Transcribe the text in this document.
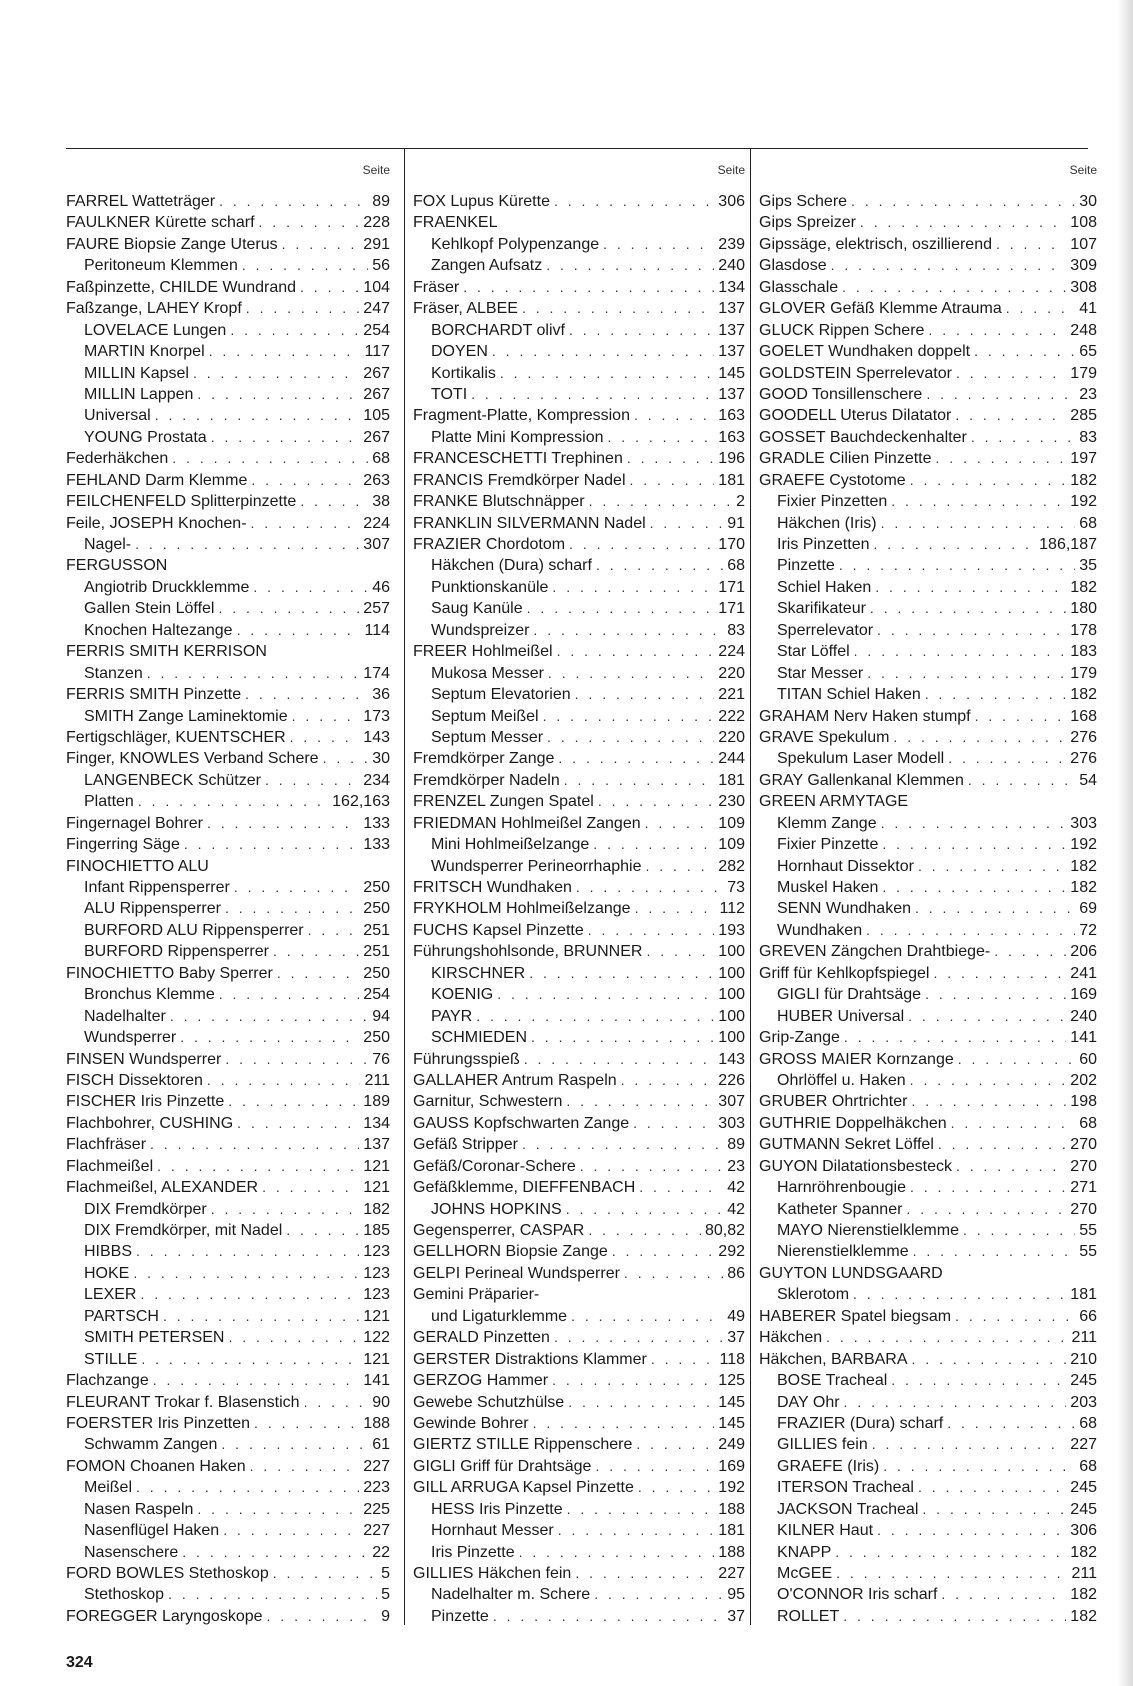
Seite
FARREL Watteträger . . .	89
FAULKNER Kürette scharf . . .	228
FAURE Biopsie Zange Uterus . . .	291
Peritoneum Klemmen . . .	56
Faßpinzette, CHILDE Wundrand . . .	104
Faßzange, LAHEY Kropf . . .	247
LOVELACE Lungen . . .	254
MARTIN Knorpel . . .	117
MILLIN Kapsel . . .	267
MILLIN Lappen . . .	267
Universal . . .	105
YOUNG Prostata . . .	267
Federhäkchen . . .	68
FEHLAND Darm Klemme . . .	263
FEILCHENFELD Splitterpinzette . . .	38
Feile, JOSEPH Knochen- . . .	224
Nagel- . . .	307
FERGUSSON
Angiotrib Druckklemme . . .	46
Gallen Stein Löffel . . .	257
Knochen Haltezange . . .	114
FERRIS SMITH KERRISON
Stanzen . . .	174
FERRIS SMITH Pinzette . . .	36
SMITH Zange Laminektomie . . .	173
Fertigschläger, KUENTSCHER . . .	143
Finger, KNOWLES Verband Schere . . .	30
LANGENBECK Schützer . . .	234
Platten . . .	162,163
Fingernagel Bohrer . . .	133
Fingerring Säge . . .	133
FINOCHIETTO ALU
Infant Rippensperrer . . .	250
ALU Rippensperrer . . .	250
BURFORD ALU Rippensperrer . . .	251
BURFORD Rippensperrer . . .	251
FINOCHIETTO Baby Sperrer . . .	250
Bronchus Klemme . . .	254
Nadelhalter . . .	94
Wundsperrer . . .	250
FINSEN Wundsperrer . . .	76
FISCH Dissektoren . . .	211
FISCHER Iris Pinzette . . .	189
Flachbohrer, CUSHING . . .	134
Flachfräser . . .	137
Flachmeißel . . .	121
Flachmeißel, ALEXANDER . . .	121
DIX Fremdkörper . . .	182
DIX Fremdkörper, mit Nadel . . .	185
HIBBS . . .	123
HOKE . . .	123
LEXER . . .	123
PARTSCH . . .	121
SMITH PETERSEN . . .	122
STILLE . . .	121
Flachzange . . .	141
FLEURANT Trokar f. Blasenstich . . .	90
FOERSTER Iris Pinzetten . . .	188
Schwamm Zangen . . .	61
FOMON Choanen Haken . . .	227
Meißel . . .	223
Nasen Raspeln . . .	225
Nasenflügel Haken . . .	227
Nasenschere . . .	22
FORD BOWLES Stethoskop . . .	5
Stethoskop . . .	5
FOREGGER Laryngoskope . . .	9
Seite
FOX Lupus Kürette . . .	306
FRAENKEL
Kehlkopf Polypenzange . . .	239
Zangen Aufsatz . . .	240
Fräser . . .	134
Fräser, ALBEE . . .	137
BORCHARDT olivf . . .	137
DOYEN . . .	137
Kortikalis . . .	145
TOTI . . .	137
Fragment-Platte, Kompression . . .	163
Platte Mini Kompression . . .	163
FRANCESCHETTI Trephinen . . .	196
FRANCIS Fremdkörper Nadel . . .	181
FRANKE Blutschnäpper . . .	2
FRANKLIN SILVERMANN Nadel . . .	91
FRAZIER Chordotom . . .	170
Häkchen (Dura) scharf . . .	68
Punktionskanüle . . .	171
Saug Kanüle . . .	171
Wundspreizer . . .	83
FREER Hohlmeißel . . .	224
Mukosa Messer . . .	220
Septum Elevatorien . . .	221
Septum Meißel . . .	222
Septum Messer . . .	220
Fremdkörper Zange . . .	244
Fremdkörper Nadeln . . .	181
FRENZEL Zungen Spatel . . .	230
FRIEDMAN Hohlmeißel Zangen . . .	109
Mini Hohlmeißelzange . . .	109
Wundsperrer Perineorrhaphie . . .	282
FRITSCH Wundhaken . . .	73
FRYKHOLM Hohlmeißelzange . . .	112
FUCHS Kapsel Pinzette . . .	193
Führungshohlsonde, BRUNNER . . .	100
KIRSCHNER . . .	100
KOENIG . . .	100
PAYR . . .	100
SCHMIEDEN . . .	100
Führungsspieß . . .	143
GALLAHER Antrum Raspeln . . .	226
Garnitur, Schwestern . . .	307
GAUSS Kopfschwarten Zange . . .	303
Gefäß Stripper . . .	89
Gefäß/Coronar-Schere . . .	23
Gefäßklemme, DIEFFENBACH . . .	42
JOHNS HOPKINS . . .	42
Gegensperrer, CASPAR . . .	80,82
GELLHORN Biopsie Zange . . .	292
GELPI Perineal Wundsperrer . . .	86
Gemini Präparier-
und Ligaturklemme . . .	49
GERALD Pinzetten . . .	37
GERSTER Distraktions Klammer . . .	118
GERZOG Hammer . . .	125
Gewebe Schutzhülse . . .	145
Gewinde Bohrer . . .	145
GIERTZ STILLE Rippenschere . . .	249
GIGLI Griff für Drahtsäge . . .	169
GILL ARRUGA Kapsel Pinzette . . .	192
HESS Iris Pinzette . . .	188
Hornhaut Messer . . .	181
Iris Pinzette . . .	188
GILLIES Häkchen fein . . .	227
Nadelhalter m. Schere . . .	95
Pinzette . . .	37
Seite
Gips Schere . . .	30
Gips Spreizer . . .	108
Gipssäge, elektrisch, oszillierend . . .	107
Glasdose . . .	309
Glasschale . . .	308
GLOVER Gefäß Klemme Atrauma . . .	41
GLUCK Rippen Schere . . .	248
GOELET Wundhaken doppelt . . .	65
GOLDSTEIN Sperrelevator . . .	179
GOOD Tonsillenschere . . .	23
GOODELL Uterus Dilatator . . .	285
GOSSET Bauchdeckenhalter . . .	83
GRADLE Cilien Pinzette . . .	197
GRAEFE Cystotome . . .	182
Fixier Pinzetten . . .	192
Häkchen (Iris) . . .	68
Iris Pinzetten . . .	186,187
Pinzette . . .	35
Schiel Haken . . .	182
Skarifikateur . . .	180
Sperrelevator . . .	178
Star Löffel . . .	183
Star Messer . . .	179
TITAN Schiel Haken . . .	182
GRAHAM Nerv Haken stumpf . . .	168
GRAVE Spekulum . . .	276
Spekulum Laser Modell . . .	276
GRAY Gallenkanal Klemmen . . .	54
GREEN ARMYTAGE
Klemm Zange . . .	303
Fixier Pinzette . . .	192
Hornhaut Dissektor . . .	182
Muskel Haken . . .	182
SENN Wundhaken . . .	69
Wundhaken . . .	72
GREVEN Zängchen Drahtbiege- . . .	206
Griff für Kehlkopfspiegel . . .	241
GIGLI für Drahtsäge . . .	169
HUBER Universal . . .	240
Grip-Zange . . .	141
GROSS MAIER Kornzange . . .	60
Ohrlöffel u. Haken . . .	202
GRUBER Ohrtrichter . . .	198
GUTHRIE Doppelhäkchen . . .	68
GUTMANN Sekret Löffel . . .	270
GUYON Dilatationsbesteck . . .	270
Harnröhrenbougie . . .	271
Katheter Spanner . . .	270
MAYO Nierenstielklemme . . .	55
Nierenstielklemme . . .	55
GUYTON LUNDSGAARD
Sklerotom . . .	181
HABERER Spatel biegsam . . .	66
Häkchen . . .	211
Häkchen, BARBARA . . .	210
BOSE Tracheal . . .	245
DAY Ohr . . .	203
FRAZIER (Dura) scharf . . .	68
GILLIES fein . . .	227
GRAEFE (Iris) . . .	68
ITERSON Tracheal . . .	245
JACKSON Tracheal . . .	245
KILNER Haut . . .	306
KNAPP . . .	182
McGEE . . .	211
O'CONNOR Iris scharf . . .	182
ROLLET . . .	182
324
